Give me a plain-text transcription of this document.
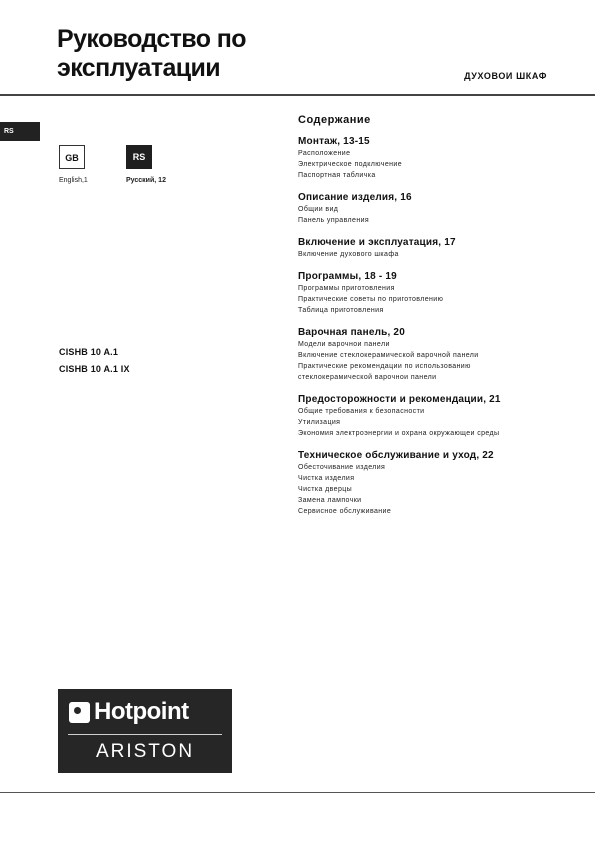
Руководство по
эксплуатации	ДУХОВОИ ШКАФ
RS
GB	RS
English,1	Русский, 12
CISHB 10 A.1
CISHB 10 A.1 IX
Содержание
Монтаж, 13-15
Расположение
Электрическое подключение
Паспортная табличка
Описание изделия, 16
Общии вид
Панель управления
Включение и эксплуатация, 17
Включение духового шкафа
Программы, 18 - 19
Программы приготовления
Практические советы по приготовлению
Таблица приготовления
Варочная панель, 20
Модели варочнои панели
Включение стеклокерамической варочной панели
Практические рекомендации по использованию
стеклокерамической варочнои панели
Предосторожности и рекомендации, 21
Общие требования к безопасности
Утилизация
Экономия электроэнергии и охрана окружающеи среды
Техническое обслуживание и уход, 22
Обесточивание изделия
Чистка изделия
Чистка дверцы
Замена лампочки
Сервисное обслуживание
Hotpoint
ARISTON
